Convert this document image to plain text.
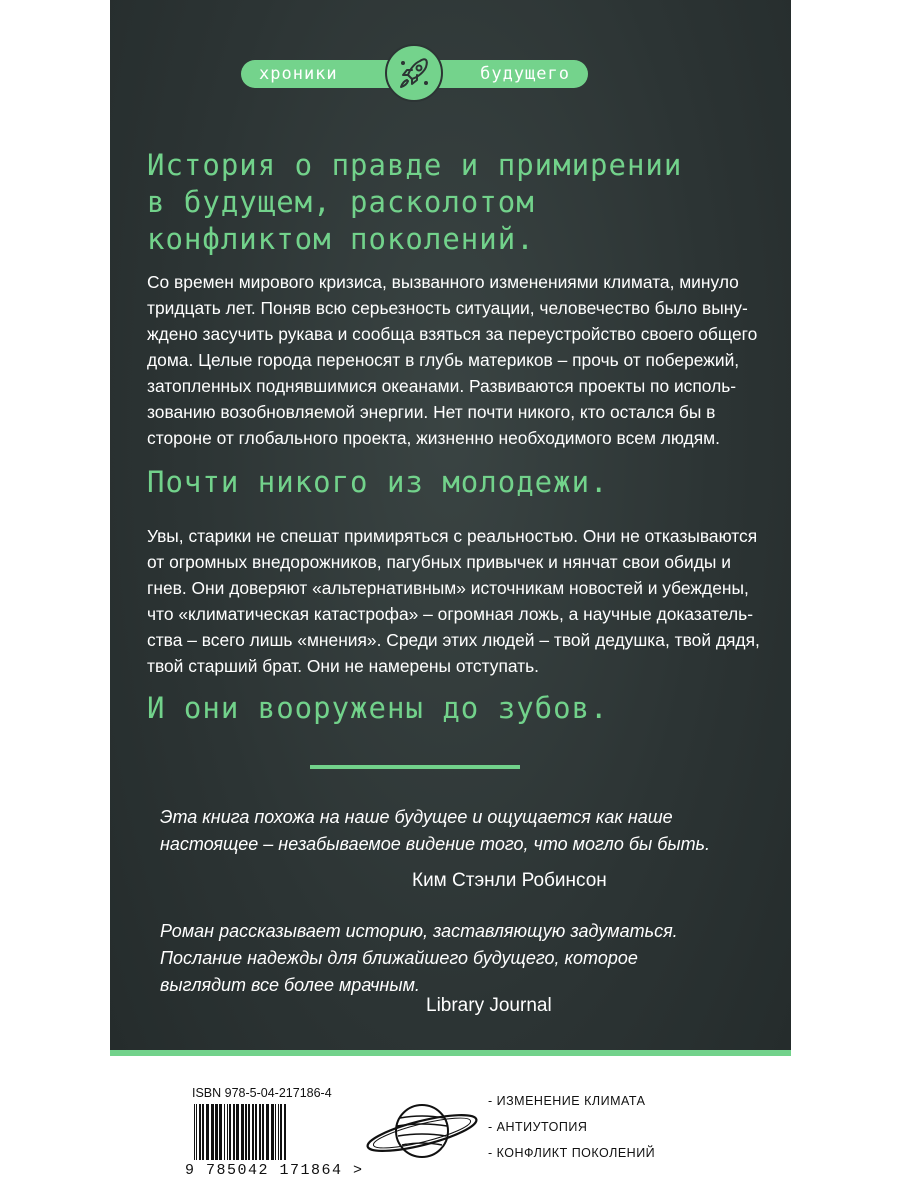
хроники	будущего
История о правде и примирении
в будущем, расколотом
конфликтом поколений.

Со времен мирового кризиса, вызванного изменениями климата, минуло
тридцать лет. Поняв всю серьезность ситуации, человечество было выну-
ждено засучить рукава и сообща взяться за переустройство своего общего
дома. Целые города переносят в глубь материков – прочь от побережий,
затопленных поднявшимися океанами. Развиваются проекты по исполь-
зованию возобновляемой энергии. Нет почти никого, кто остался бы в
стороне от глобального проекта, жизненно необходимого всем людям.

Почти никого из молодежи.

Увы, старики не спешат примиряться с реальностью. Они не отказываются
от огромных внедорожников, пагубных привычек и нянчат свои обиды и
гнев. Они доверяют «альтернативным» источникам новостей и убеждены,
что «климатическая катастрофа» – огромная ложь, а научные доказатель-
ства – всего лишь «мнения». Среди этих людей – твой дедушка, твой дядя,
твой старший брат. Они не намерены отступать.

И они вооружены до зубов.

Эта книга похожа на наше будущее и ощущается как наше
настоящее – незабываемое видение того, что могло бы быть.

Ким Стэнли Робинсон

Роман рассказывает историю, заставляющую задуматься.
Послание надежды для ближайшего будущего, которое
выглядит все более мрачным.

Library Journal

ISBN 978-5-04-217186-4
9 785042 171864 >
- ИЗМЕНЕНИЕ КЛИМАТА
- АНТИУТОПИЯ
- КОНФЛИКТ ПОКОЛЕНИЙ
